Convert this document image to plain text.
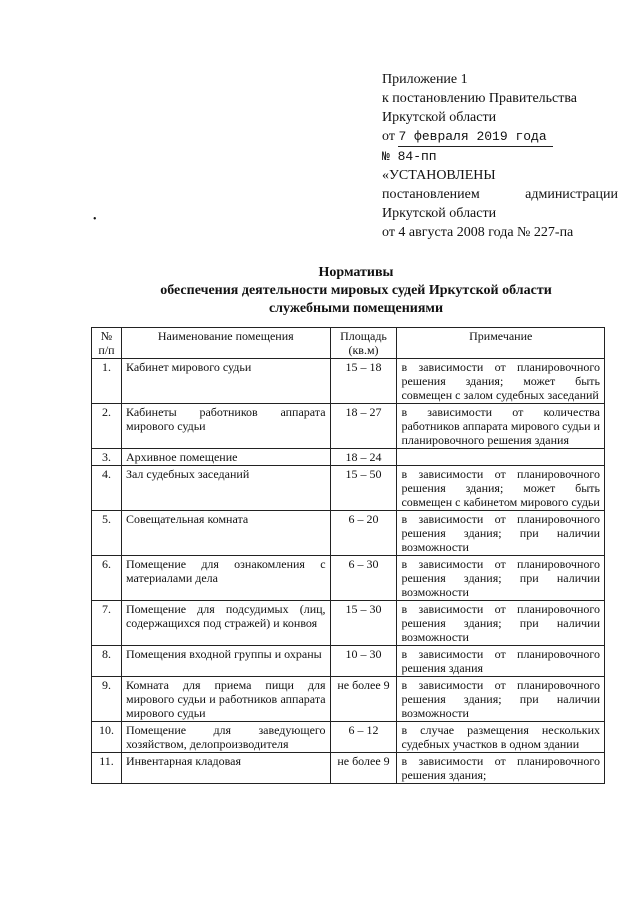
Приложение 1
к постановлению Правительства
Иркутской области
от 7 февраля 2019 года
№ 84-пп
«УСТАНОВЛЕНЫ
постановлением	администрации
Иркутской области
от 4 августа 2008 года № 227-па
•
Нормативы
обеспечения деятельности мировых судей Иркутской области
служебными помещениями
№ п/п	Наименование помещения	Площадь (кв.м)	Примечание
1.	Кабинет мирового судьи	15 – 18	в зависимости от планировочного решения здания; может быть совмещен с залом судебных заседаний
2.	Кабинеты работников аппарата мирового судьи	18 – 27	в зависимости от количества работников аппарата мирового судьи и планировочного решения здания
3.	Архивное помещение	18 – 24	
4.	Зал судебных заседаний	15 – 50	в зависимости от планировочного решения здания; может быть совмещен с кабинетом мирового судьи
5.	Совещательная комната	6 – 20	в зависимости от планировочного решения здания; при наличии возможности
6.	Помещение для ознакомления с материалами дела	6 – 30	в зависимости от планировочного решения здания; при наличии возможности
7.	Помещение для подсудимых (лиц, содержащихся под стражей) и конвоя	15 – 30	в зависимости от планировочного решения здания; при наличии возможности
8.	Помещения входной группы и охраны	10 – 30	в зависимости от планировочного решения здания
9.	Комната для приема пищи для мирового судьи и работников аппарата мирового судьи	не более 9	в зависимости от планировочного решения здания; при наличии возможности
10.	Помещение для заведующего хозяйством, делопроизводителя	6 – 12	в случае размещения нескольких судебных участков в одном здании
11.	Инвентарная кладовая	не более 9	в зависимости от планировочного решения здания;
